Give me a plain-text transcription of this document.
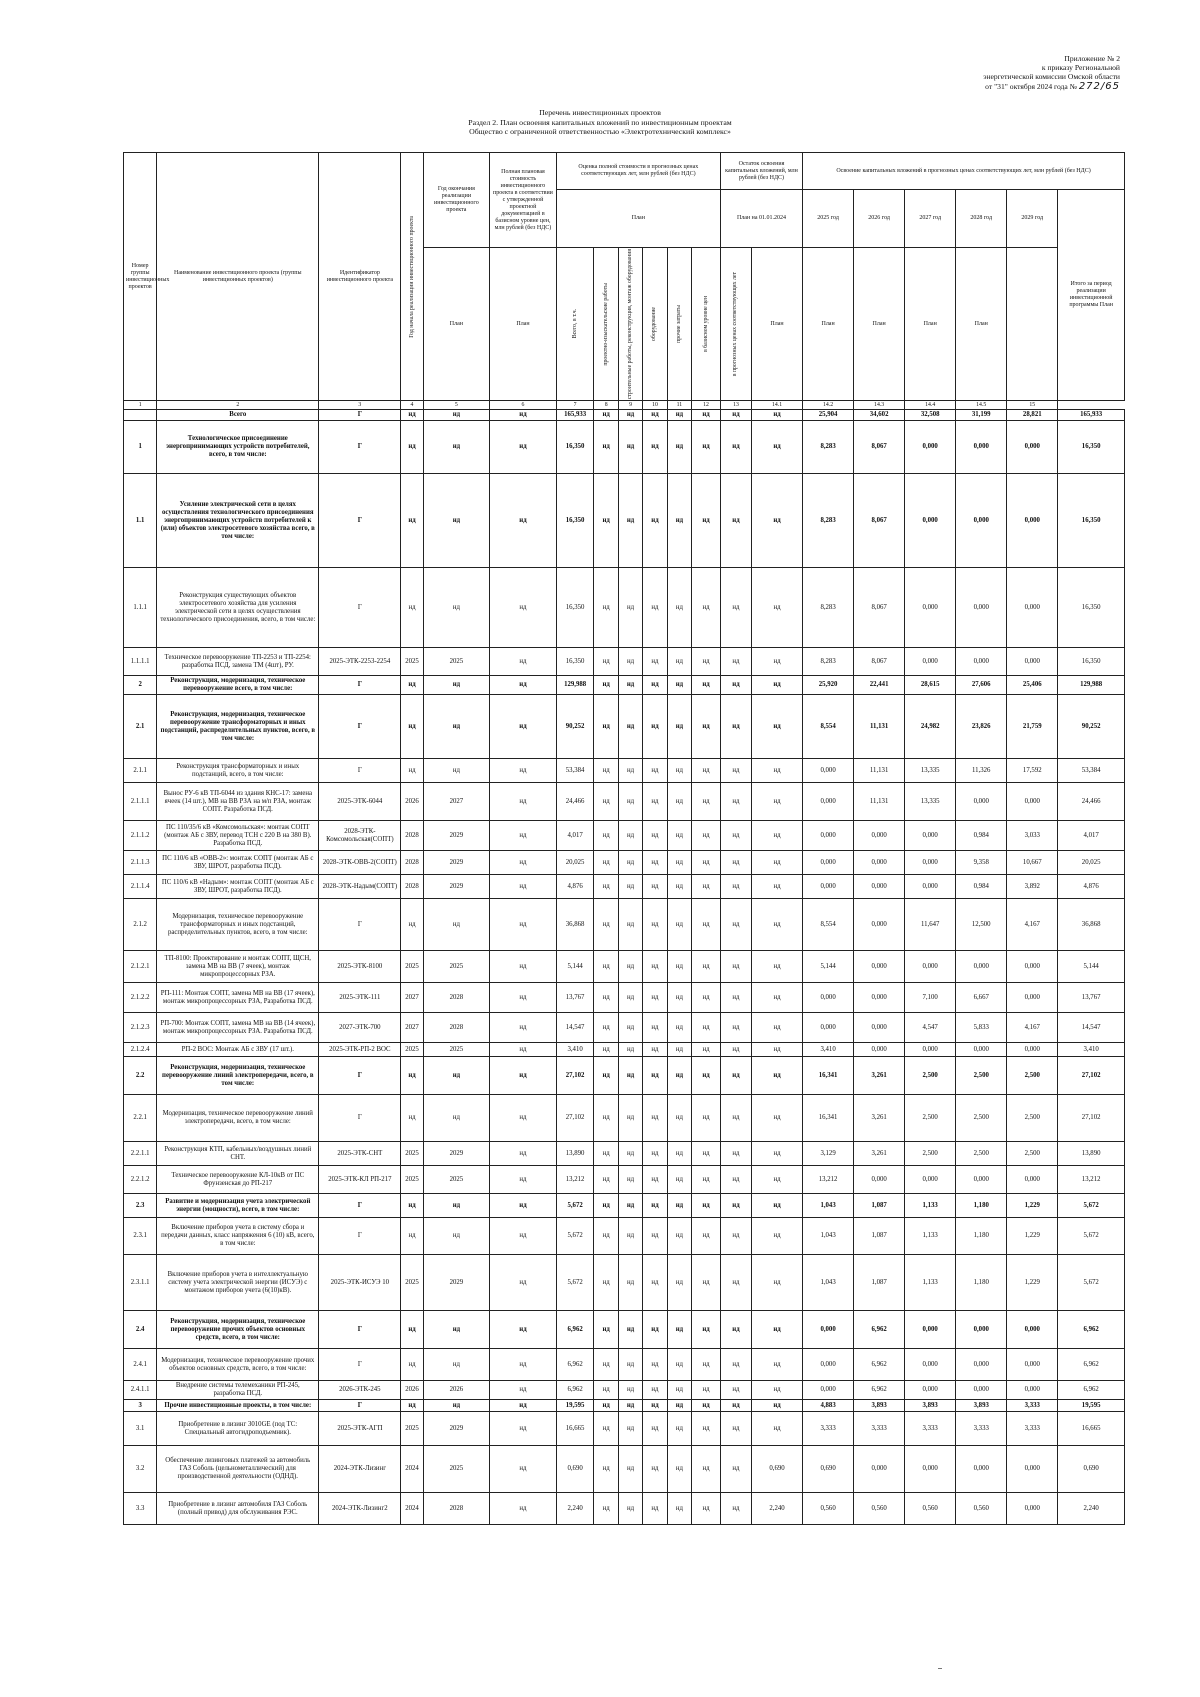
Приложение № 2
к приказу Региональной
энергетической комиссии Омской области
от "31" октября 2024 года № 272/65
Перечень инвестиционных проектов
Раздел 2. План освоения капитальных вложений по инвестиционным проектам
Общество с ограниченной ответственностью «Электротехнический комплекс»
Номер группы инвестиционных проектов	Наименование инвестиционного проекта (группы инвестиционных проектов)	Идентификатор инвестиционного проекта	Год начала реализации инвестиционного проекта	Год окончания реализации инвестиционного проекта	Полная плановая стоимость инвестиционного проекта в соответствии с утвержденной проектной документацией в базисном уровне цен, млн рублей (без НДС)	Оценка полной стоимости в прогнозных ценах соответствующих лет, млн рублей (без НДС)						Остаток освоения капитальных вложений, млн рублей (без НДС)		Освоение капитальных вложений в прогнозных ценах соответствующих лет, млн рублей (без НДС)					
						План						План на 01.01.2024		2025 год	2026 год	2027 год	2028 год	2029 год	Итого за период реализации инвестиционной программы План
				План	План	Всего, в т.ч.	проектно-изыскательские работы	строительные работы, реконструкция, монтаж оборудования	оборудование	прочие затраты	в базисном уровне цен	в прогнозных ценах соответствующих лет	План	План	План	План	План		
1	2	3	4	5	6	7	8	9	10	11	12	13	14.1	14.2	14.3	14.4	14.5	15
	Всего	Г	нд	нд	нд	165,933	нд	нд	нд	нд	нд	нд	нд	25,904	34,602	32,508	31,199	28,821	165,933
1	Технологическое присоединение энергопринимающих устройств потребителей, всего, в том числе:	Г	нд	нд	нд	16,350	нд	нд	нд	нд	нд	нд	нд	8,283	8,067	0,000	0,000	0,000	16,350
1.1	Усиление электрической сети в целях осуществления технологического присоединения энергопринимающих устройств потребителей к (или) объектов электросетевого хозяйства всего, в том числе:	Г	нд	нд	нд	16,350	нд	нд	нд	нд	нд	нд	нд	8,283	8,067	0,000	0,000	0,000	16,350
1.1.1	Реконструкция существующих объектов электросетевого хозяйства для усиления электрической сети в целях осуществления технологического присоединения, всего, в том числе:	Г	нд	нд	нд	16,350	нд	нд	нд	нд	нд	нд	нд	8,283	8,067	0,000	0,000	0,000	16,350
1.1.1.1	Техническое перевооружение ТП-2253 и ТП-2254: разработка ПСД, замена ТМ (4шт), РУ.	2025-ЭТК-2253-2254	2025	2025	нд	16,350	нд	нд	нд	нд	нд	нд	нд	8,283	8,067	0,000	0,000	0,000	16,350
2	Реконструкция, модернизация, техническое перевооружение всего, в том числе:	Г	нд	нд	нд	129,988	нд	нд	нд	нд	нд	нд	нд	25,920	22,441	28,615	27,606	25,406	129,988
2.1	Реконструкция, модернизация, техническое перевооружение трансформаторных и иных подстанций, распределительных пунктов, всего, в том числе:	Г	нд	нд	нд	90,252	нд	нд	нд	нд	нд	нд	нд	8,554	11,131	24,982	23,826	21,759	90,252
2.1.1	Реконструкция трансформаторных и иных подстанций, всего, в том числе:	Г	нд	нд	нд	53,384	нд	нд	нд	нд	нд	нд	нд	0,000	11,131	13,335	11,326	17,592	53,384
2.1.1.1	Вынос РУ-6 кВ ТП-6044 из здания КНС-17: замена ячеек (14 шт.), МВ на ВВ РЗА на м/п РЗА, монтаж СОПТ. Разработка ПСД.	2025-ЭТК-6044	2026	2027	нд	24,466	нд	нд	нд	нд	нд	нд	нд	0,000	11,131	13,335	0,000	0,000	24,466
2.1.1.2	ПС 110/35/6 кВ «Комсомольская»: монтаж СОПТ (монтаж АБ с ЗВУ, перевод ТСН с 220 В на 380 В). Разработка ПСД.	2028-ЭТК-Комсомольская(СОПТ)	2028	2029	нд	4,017	нд	нд	нд	нд	нд	нд	нд	0,000	0,000	0,000	0,984	3,033	4,017
2.1.1.3	ПС 110/6 кВ «ОВВ-2»: монтаж СОПТ (монтаж АБ с ЗВУ, ШРОТ, разработка ПСД).	2028-ЭТК-ОВВ-2(СОПТ)	2028	2029	нд	20,025	нд	нд	нд	нд	нд	нд	нд	0,000	0,000	0,000	9,358	10,667	20,025
2.1.1.4	ПС 110/6 кВ «Надым»: монтаж СОПТ (монтаж АБ с ЗВУ, ШРОТ, разработка ПСД).	2028-ЭТК-Надым(СОПТ)	2028	2029	нд	4,876	нд	нд	нд	нд	нд	нд	нд	0,000	0,000	0,000	0,984	3,892	4,876
2.1.2	Модернизация, техническое перевооружение трансформаторных и иных подстанций, распределительных пунктов, всего, в том числе:	Г	нд	нд	нд	36,868	нд	нд	нд	нд	нд	нд	нд	8,554	0,000	11,647	12,500	4,167	36,868
2.1.2.1	ТП-8100: Проектирование и монтаж СОПТ, ЩСН, замена МВ на ВВ (7 ячеек), монтаж микропроцессорных РЗА.	2025-ЭТК-8100	2025	2025	нд	5,144	нд	нд	нд	нд	нд	нд	нд	5,144	0,000	0,000	0,000	0,000	5,144
2.1.2.2	РП-111: Монтаж СОПТ, замена МВ на ВВ (17 ячеек), монтаж микропроцессорных РЗА, Разработка ПСД.	2025-ЭТК-111	2027	2028	нд	13,767	нд	нд	нд	нд	нд	нд	нд	0,000	0,000	7,100	6,667	0,000	13,767
2.1.2.3	РП-700: Монтаж СОПТ, замена МВ на ВВ (14 ячеек), монтаж микропроцессорных РЗА. Разработка ПСД.	2027-ЭТК-700	2027	2028	нд	14,547	нд	нд	нд	нд	нд	нд	нд	0,000	0,000	4,547	5,833	4,167	14,547
2.1.2.4	РП-2 ВОС: Монтаж АБ с ЗВУ (17 шт.).	2025-ЭТК-РП-2 ВОС	2025	2025	нд	3,410	нд	нд	нд	нд	нд	нд	нд	3,410	0,000	0,000	0,000	0,000	3,410
2.2	Реконструкция, модернизация, техническое перевооружение линий электропередачи, всего, в том числе:	Г	нд	нд	нд	27,102	нд	нд	нд	нд	нд	нд	нд	16,341	3,261	2,500	2,500	2,500	27,102
2.2.1	Модернизация, техническое перевооружение линий электропередачи, всего, в том числе:	Г	нд	нд	нд	27,102	нд	нд	нд	нд	нд	нд	нд	16,341	3,261	2,500	2,500	2,500	27,102
2.2.1.1	Реконструкция КТП, кабельных/воздушных линий СНТ.	2025-ЭТК-СНТ	2025	2029	нд	13,890	нд	нд	нд	нд	нд	нд	нд	3,129	3,261	2,500	2,500	2,500	13,890
2.2.1.2	Техническое перевооружение КЛ-10кВ от ПС Фрунзенская до РП-217	2025-ЭТК-КЛ РП-217	2025	2025	нд	13,212	нд	нд	нд	нд	нд	нд	нд	13,212	0,000	0,000	0,000	0,000	13,212
2.3	Развитие и модернизация учета электрической энергии (мощности), всего, в том числе:	Г	нд	нд	нд	5,672	нд	нд	нд	нд	нд	нд	нд	1,043	1,087	1,133	1,180	1,229	5,672
2.3.1	Включение приборов учета в систему сбора и передачи данных, класс напряжения 6 (10) кВ, всего, в том числе:	Г	нд	нд	нд	5,672	нд	нд	нд	нд	нд	нд	нд	1,043	1,087	1,133	1,180	1,229	5,672
2.3.1.1	Включение приборов учета в интеллектуальную систему учета электрической энергии (ИСУЭ) с монтажом приборов учета (6(10)кВ).	2025-ЭТК-ИСУЭ 10	2025	2029	нд	5,672	нд	нд	нд	нд	нд	нд	нд	1,043	1,087	1,133	1,180	1,229	5,672
2.4	Реконструкция, модернизация, техническое перевооружение прочих объектов основных средств, всего, в том числе:	Г	нд	нд	нд	6,962	нд	нд	нд	нд	нд	нд	нд	0,000	6,962	0,000	0,000	0,000	6,962
2.4.1	Модернизация, техническое перевооружение прочих объектов основных средств, всего, в том числе:	Г	нд	нд	нд	6,962	нд	нд	нд	нд	нд	нд	нд	0,000	6,962	0,000	0,000	0,000	6,962
2.4.1.1	Внедрение системы телемеханики РП-245, разработка ПСД.	2026-ЭТК-245	2026	2026	нд	6,962	нд	нд	нд	нд	нд	нд	нд	0,000	6,962	0,000	0,000	0,000	6,962
3	Прочие инвестиционные проекты, в том числе:	Г	нд	нд	нд	19,595	нд	нд	нд	нд	нд	нд	нд	4,883	3,893	3,893	3,893	3,333	19,595
3.1	Приобретение в лизинг 3010GE (под ТС: Специальный автогидроподъемник).	2025-ЭТК-АГП	2025	2029	нд	16,665	нд	нд	нд	нд	нд	нд	нд	3,333	3,333	3,333	3,333	3,333	16,665
3.2	Обеспечение лизинговых платежей за автомобиль ГАЗ Соболь (цельнометаллический) для производственной деятельности (ОДНД).	2024-ЭТК-Лизинг	2024	2025	нд	0,690	нд	нд	нд	нд	нд	нд	0,690	0,690	0,000	0,000	0,000	0,000	0,690
3.3	Приобретение в лизинг автомобиля ГАЗ Соболь (полный привод) для обслуживания РЭС.	2024-ЭТК-Лизинг2	2024	2028	нд	2,240	нд	нд	нд	нд	нд	нд	2,240	0,560	0,560	0,560	0,560	0,000	2,240
